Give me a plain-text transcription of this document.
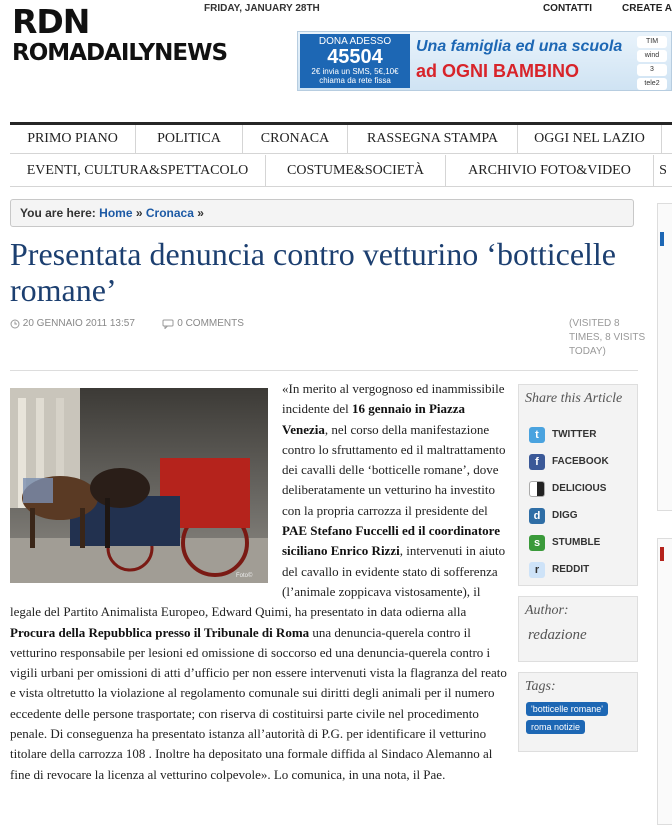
RDN
ROMADAILYNEWS
FRIDAY, JANUARY 28TH	CONTATTI	CREATE A
DONA ADESSO
45504
2€ invia un SMS, 5€,10€
chiama da rete fissa
Una famiglia ed una scuola
ad OGNI BAMBINO
TIM
wind
3
tele2
PRIMO PIANO	POLITICA	CRONACA	RASSEGNA STAMPA	OGGI NEL LAZIO
EVENTI, CULTURA&SPETTACOLO	COSTUME&SOCIETÀ	ARCHIVIO FOTO&VIDEO	S
You are here: Home » Cronaca »
Presentata denuncia contro vetturino ‘botticelle romane’
20 GENNAIO 2011 13:57	0 COMMENTS	(VISITED 8 TIMES, 8 VISITS TODAY)
«In merito al vergognoso ed inammissibile incidente del 16 gennaio in Piazza Venezia, nel corso della manifestazione contro lo sfruttamento ed il maltrattamento dei cavalli delle ‘botticelle romane’, dove deliberatamente un vetturino ha investito con la propria carrozza il presidente del PAE Stefano Fuccelli ed il coordinatore siciliano Enrico Rizzi, intervenuti in aiuto del cavallo in evidente stato di sofferenza (l’animale zoppicava vistosamente), il legale del Partito Animalista Europeo, Edward Quimi, ha presentato in data odierna alla Procura della Repubblica presso il Tribunale di Roma una denuncia-querela contro il vetturino responsabile per lesioni ed omissione di soccorso ed una denuncia-querela contro i vigili urbani per omissioni di atti d’ufficio per non essere intervenuti vista la flagranza del reato e vista oltretutto la violazione al regolamento comunale sui diritti degli animali per il numero eccedente delle persone trasportate; con riserva di costituirsi parte civile nel procedimento penale. Di conseguenza ha presentato istanza all’autorità di P.G. per identificare il vetturino titolare della carrozza 108 . Inoltre ha depositato una formale diffida al Sindaco Alemanno al fine di revocare la licenza al vetturino colpevole». Lo comunica, in una nota, il Pae.
Foto©
Share this Article
t	TWITTER
f	FACEBOOK
DELICIOUS
d	DIGG
s	STUMBLE
r	REDDIT
Author:
redazione
Tags:
'botticelle romane'
roma notizie
